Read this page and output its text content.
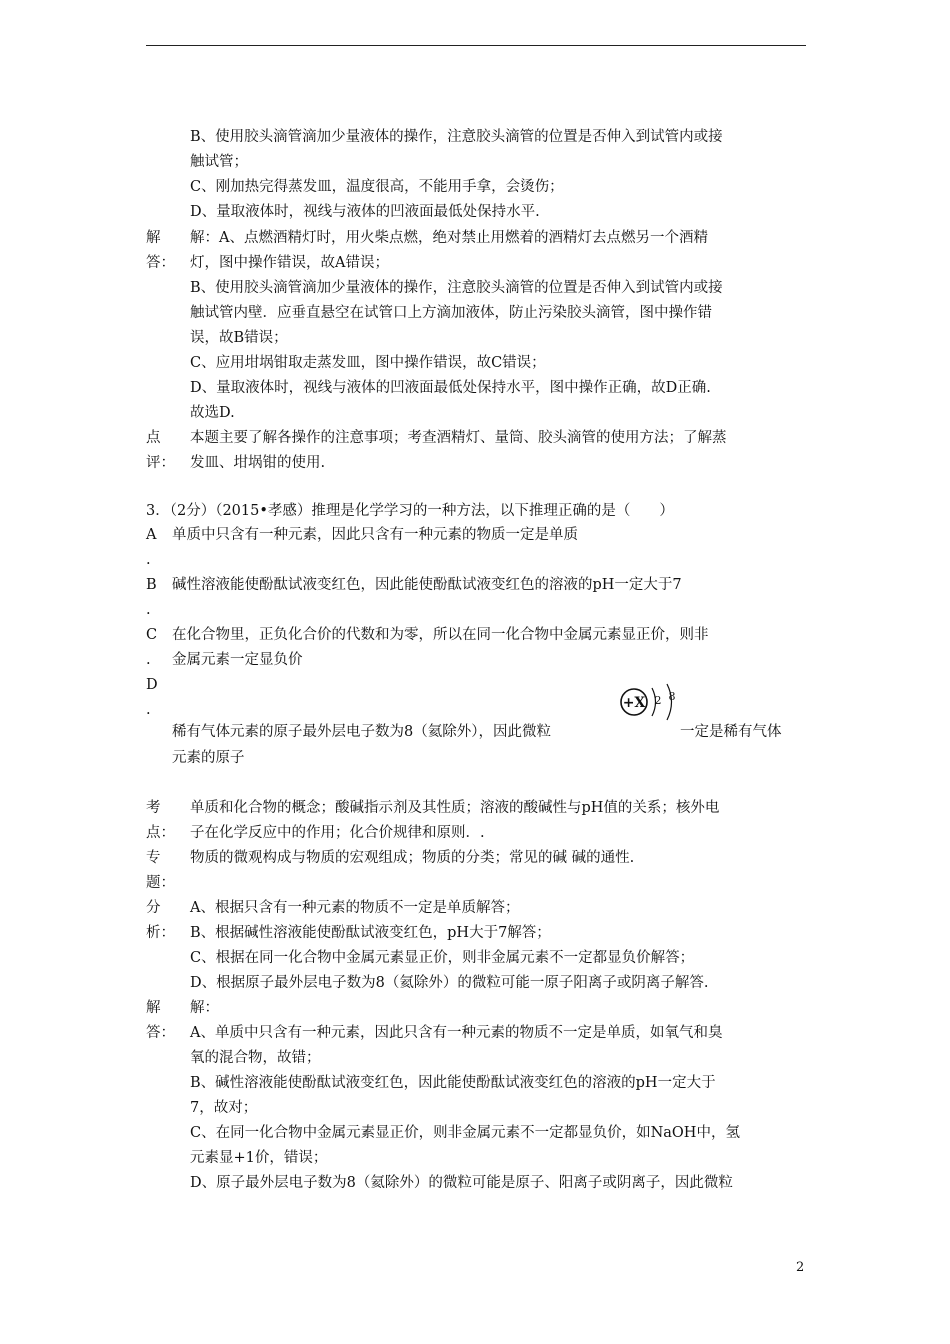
B、使用胶头滴管滴加少量液体的操作，注意胶头滴管的位置是否伸入到试管内或接
触试管；
C、刚加热完得蒸发皿，温度很高，不能用手拿，会烫伤；
D、量取液体时，视线与液体的凹液面最低处保持水平.
解
答：
解：A、点燃酒精灯时，用火柴点燃，绝对禁止用燃着的酒精灯去点燃另一个酒精
灯，图中操作错误，故A错误；
B、使用胶头滴管滴加少量液体的操作，注意胶头滴管的位置是否伸入到试管内或接
触试管内壁．应垂直悬空在试管口上方滴加液体，防止污染胶头滴管，图中操作错
误，故B错误；
C、应用坩埚钳取走蒸发皿，图中操作错误，故C错误；
D、量取液体时，视线与液体的凹液面最低处保持水平，图中操作正确，故D正确.
故选D.
点
评：
本题主要了解各操作的注意事项；考查酒精灯、量筒、胶头滴管的使用方法；了解蒸
发皿、坩埚钳的使用.
3．（2分）（2015•孝感）推理是化学学习的一种方法，以下推理正确的是（　　）
A
.
单质中只含有一种元素，因此只含有一种元素的物质一定是单质
B
.
碱性溶液能使酚酞试液变红色，因此能使酚酞试液变红色的溶液的pH一定大于7
C
.
在化合物里，正负化合价的代数和为零，所以在同一化合物中金属元素显正价，则非
金属元素一定显负价
D
.
稀有气体元素的原子最外层电子数为8（氦除外），因此微粒	一定是稀有气体
元素的原子
+X 2 8
考
点：
单质和化合物的概念；酸碱指示剂及其性质；溶液的酸碱性与pH值的关系；核外电
子在化学反应中的作用；化合价规律和原则．.
专
题：
物质的微观构成与物质的宏观组成；物质的分类；常见的碱 碱的通性.
分
析：
A、根据只含有一种元素的物质不一定是单质解答；
B、根据碱性溶液能使酚酞试液变红色，pH大于7解答；
C、根据在同一化合物中金属元素显正价，则非金属元素不一定都显负价解答；
D、根据原子最外层电子数为8（氦除外）的微粒可能一原子阳离子或阴离子解答.
解
答：
解：
A、单质中只含有一种元素，因此只含有一种元素的物质不一定是单质，如氧气和臭
氧的混合物，故错；
B、碱性溶液能使酚酞试液变红色，因此能使酚酞试液变红色的溶液的pH一定大于
7，故对；
C、在同一化合物中金属元素显正价，则非金属元素不一定都显负价，如NaOH中，氢
元素显+1价，错误；
D、原子最外层电子数为8（氦除外）的微粒可能是原子、阳离子或阴离子，因此微粒
2
